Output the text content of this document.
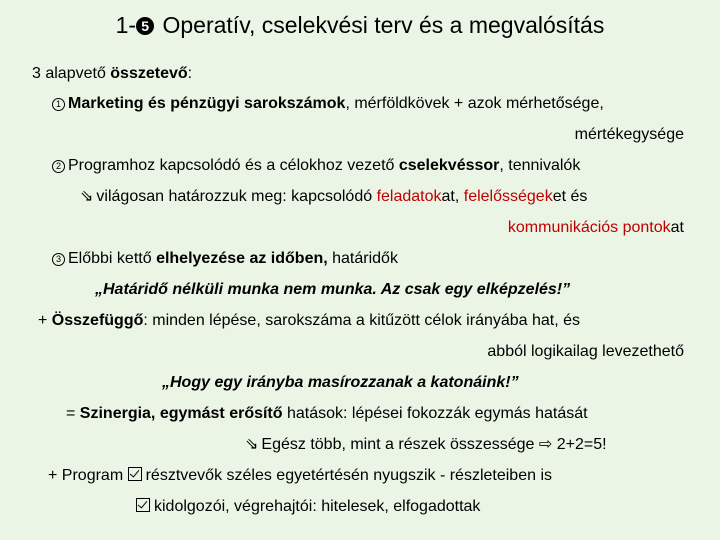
1- 5 Operatív, cselekvési terv és a megvalósítás
3 alapvető összetevő:
1 Marketing és pénzügyi sarokszámok, mérföldkövek + azok mérhetősége,
mértékegysége
2 Programhoz kapcsolódó és a célokhoz vezető cselekvéssor, tennivalók
⇘ világosan határozzuk meg: kapcsolódó feladatokat, felelősségeket és
kommunikációs pontokat
3 Előbbi kettő elhelyezése az időben, határidők
„Határidő nélküli munka nem munka. Az csak egy elképzelés!”
+ Összefüggő: minden lépése, sarokszáma a kitűzött célok irányába hat, és
abból logikailag levezethető
„Hogy egy irányba masírozzanak a katonáink!”
= Szinergia, egymást erősítő hatások: lépései fokozzák egymás hatását
⇘ Egész több, mint a részek összessége ⇨ 2+2=5!
+ Program résztvevők széles egyetértésén nyugszik - részleteiben is
kidolgozói, végrehajtói: hitelesek, elfogadottak
